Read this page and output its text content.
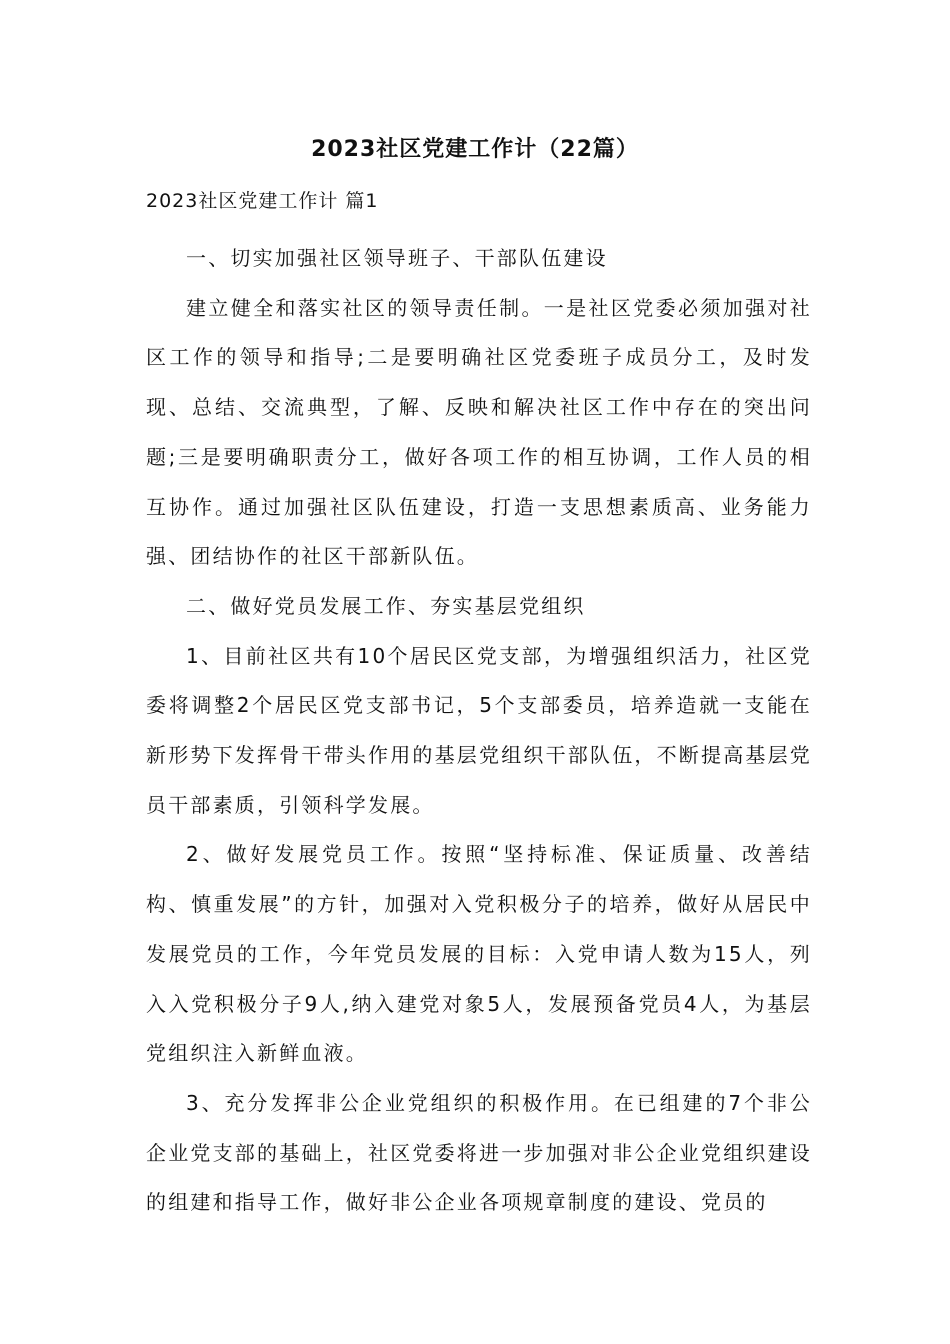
2023社区党建工作计（22篇）
2023社区党建工作计 篇1

一、切实加强社区领导班子、干部队伍建设

建立健全和落实社区的领导责任制。一是社区党委必须加强对社区工作的领导和指导;二是要明确社区党委班子成员分工，及时发现、总结、交流典型，了解、反映和解决社区工作中存在的突出问题;三是要明确职责分工，做好各项工作的相互协调，工作人员的相互协作。通过加强社区队伍建设，打造一支思想素质高、业务能力强、团结协作的社区干部新队伍。

二、做好党员发展工作、夯实基层党组织

1、目前社区共有10个居民区党支部，为增强组织活力，社区党委将调整2个居民区党支部书记，5个支部委员，培养造就一支能在新形势下发挥骨干带头作用的基层党组织干部队伍，不断提高基层党员干部素质，引领科学发展。

2、做好发展党员工作。按照“坚持标准、保证质量、改善结构、慎重发展”的方针，加强对入党积极分子的培养，做好从居民中发展党员的工作，今年党员发展的目标：入党申请人数为15人，列入入党积极分子9人,纳入建党对象5人，发展预备党员4人，为基层党组织注入新鲜血液。

3、充分发挥非公企业党组织的积极作用。在已组建的7个非公企业党支部的基础上，社区党委将进一步加强对非公企业党组织建设的组建和指导工作，做好非公企业各项规章制度的建设、党员的
